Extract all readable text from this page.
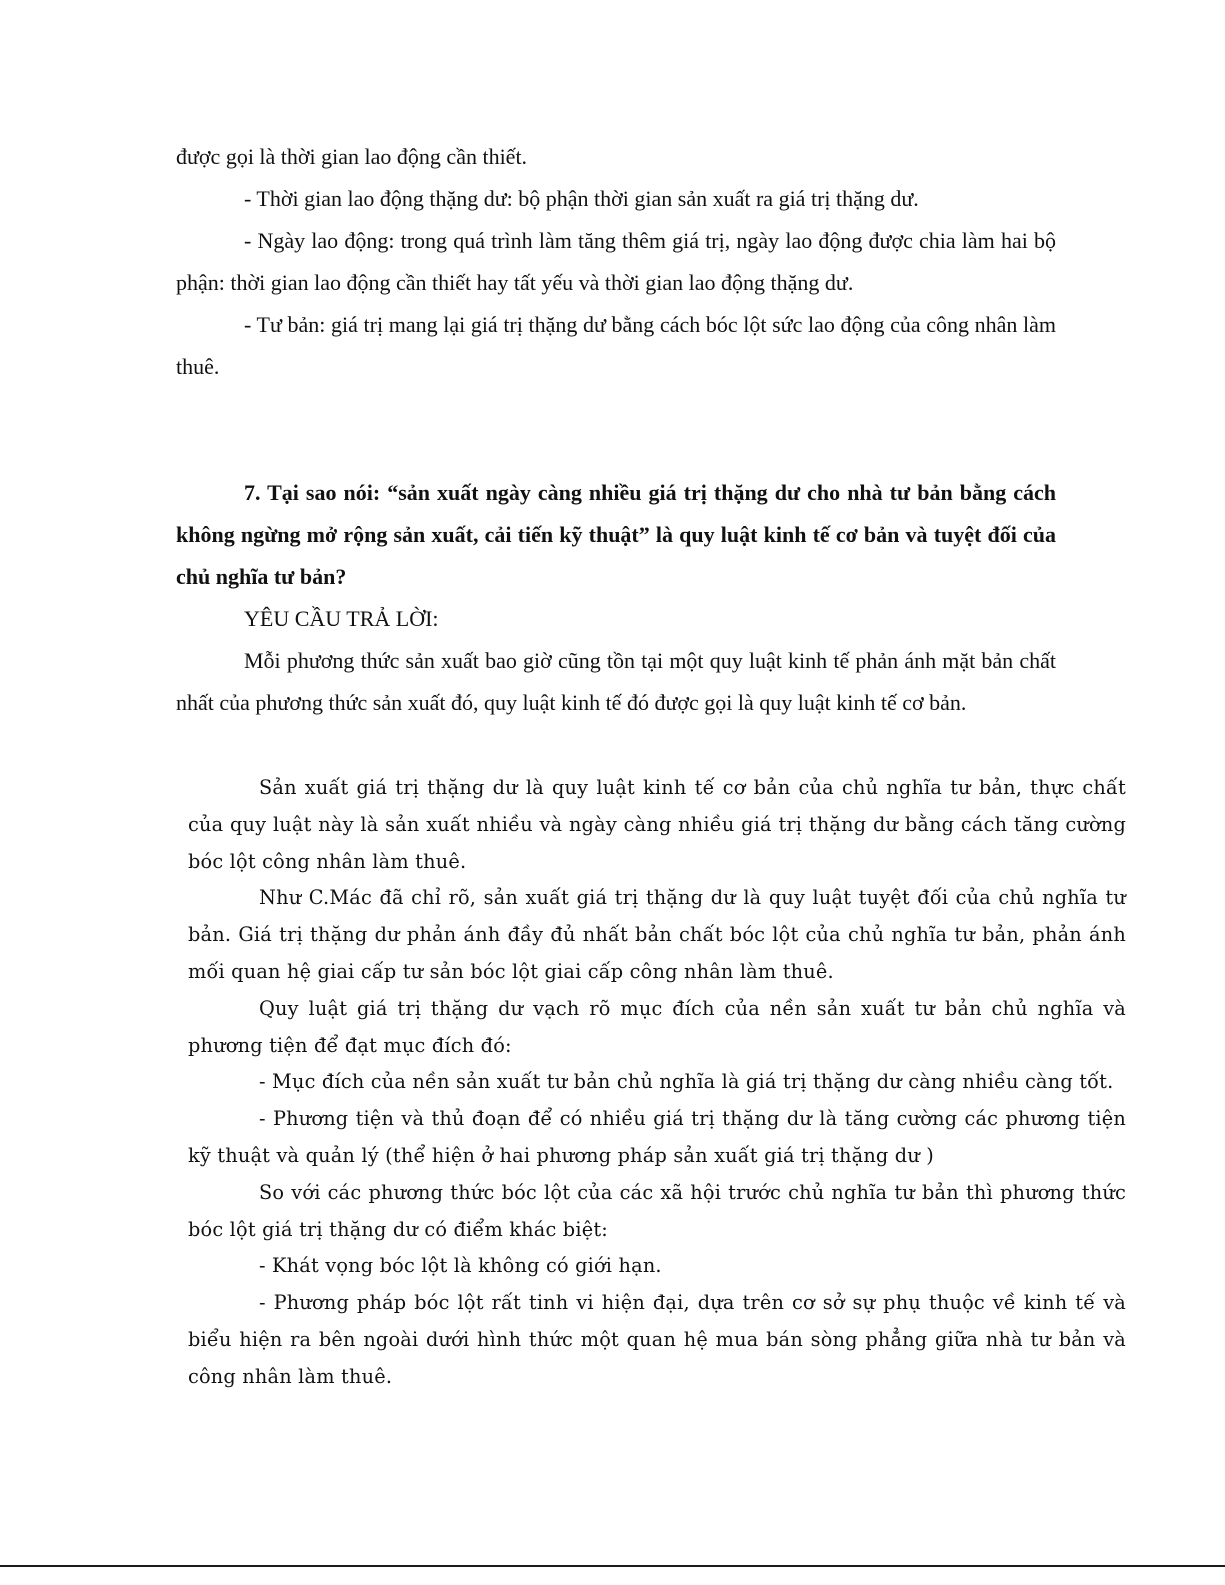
được gọi là thời gian lao động cần thiết.

- Thời gian lao động thặng dư: bộ phận thời gian sản xuất ra giá trị thặng dư.

- Ngày lao động: trong quá trình làm tăng thêm giá trị, ngày lao động được chia làm hai bộ phận: thời gian lao động cần thiết hay tất yếu và thời gian lao động thặng dư.

- Tư bản: giá trị mang lại giá trị thặng dư bằng cách bóc lột sức lao động của công nhân làm thuê.

7. Tại sao nói: “sản xuất ngày càng nhiều giá trị thặng dư cho nhà tư bản bằng cách không ngừng mở rộng sản xuất, cải tiến kỹ thuật” là quy luật kinh tế cơ bản và tuyệt đối của chủ nghĩa tư bản?

YÊU CẦU TRẢ LỜI:

Mỗi phương thức sản xuất bao giờ cũng tồn tại một quy luật kinh tế phản ánh mặt bản chất nhất của phương thức sản xuất đó, quy luật kinh tế đó được gọi là quy luật kinh tế cơ bản.

Sản xuất giá trị thặng dư là quy luật kinh tế cơ bản của chủ nghĩa tư bản, thực chất của quy luật này là sản xuất nhiều và ngày càng nhiều giá trị thặng dư bằng cách tăng cường bóc lột công nhân làm thuê.

Như C.Mác đã chỉ rõ, sản xuất giá trị thặng dư là quy luật tuyệt đối của chủ nghĩa tư bản. Giá trị thặng dư phản ánh đầy đủ nhất bản chất bóc lột của chủ nghĩa tư bản, phản ánh mối quan hệ giai cấp tư sản bóc lột giai cấp công nhân làm thuê.

Quy luật giá trị thặng dư vạch rõ mục đích của nền sản xuất tư bản chủ nghĩa và phương tiện để đạt mục đích đó:

- Mục đích của nền sản xuất tư bản chủ nghĩa là giá trị thặng dư càng nhiều càng tốt.

- Phương tiện và thủ đoạn để có nhiều giá trị thặng dư là tăng cường các phương tiện kỹ thuật và quản lý (thể hiện ở hai phương pháp sản xuất giá trị thặng dư )

So với các phương thức bóc lột của các xã hội trước chủ nghĩa tư bản thì phương thức bóc lột giá trị thặng dư có điểm khác biệt:

- Khát vọng bóc lột là không có giới hạn.

- Phương pháp bóc lột rất tinh vi hiện đại, dựa trên cơ sở sự phụ thuộc về kinh tế và biểu hiện ra bên ngoài dưới hình thức một quan hệ mua bán sòng phẳng giữa nhà tư bản và công nhân làm thuê.
